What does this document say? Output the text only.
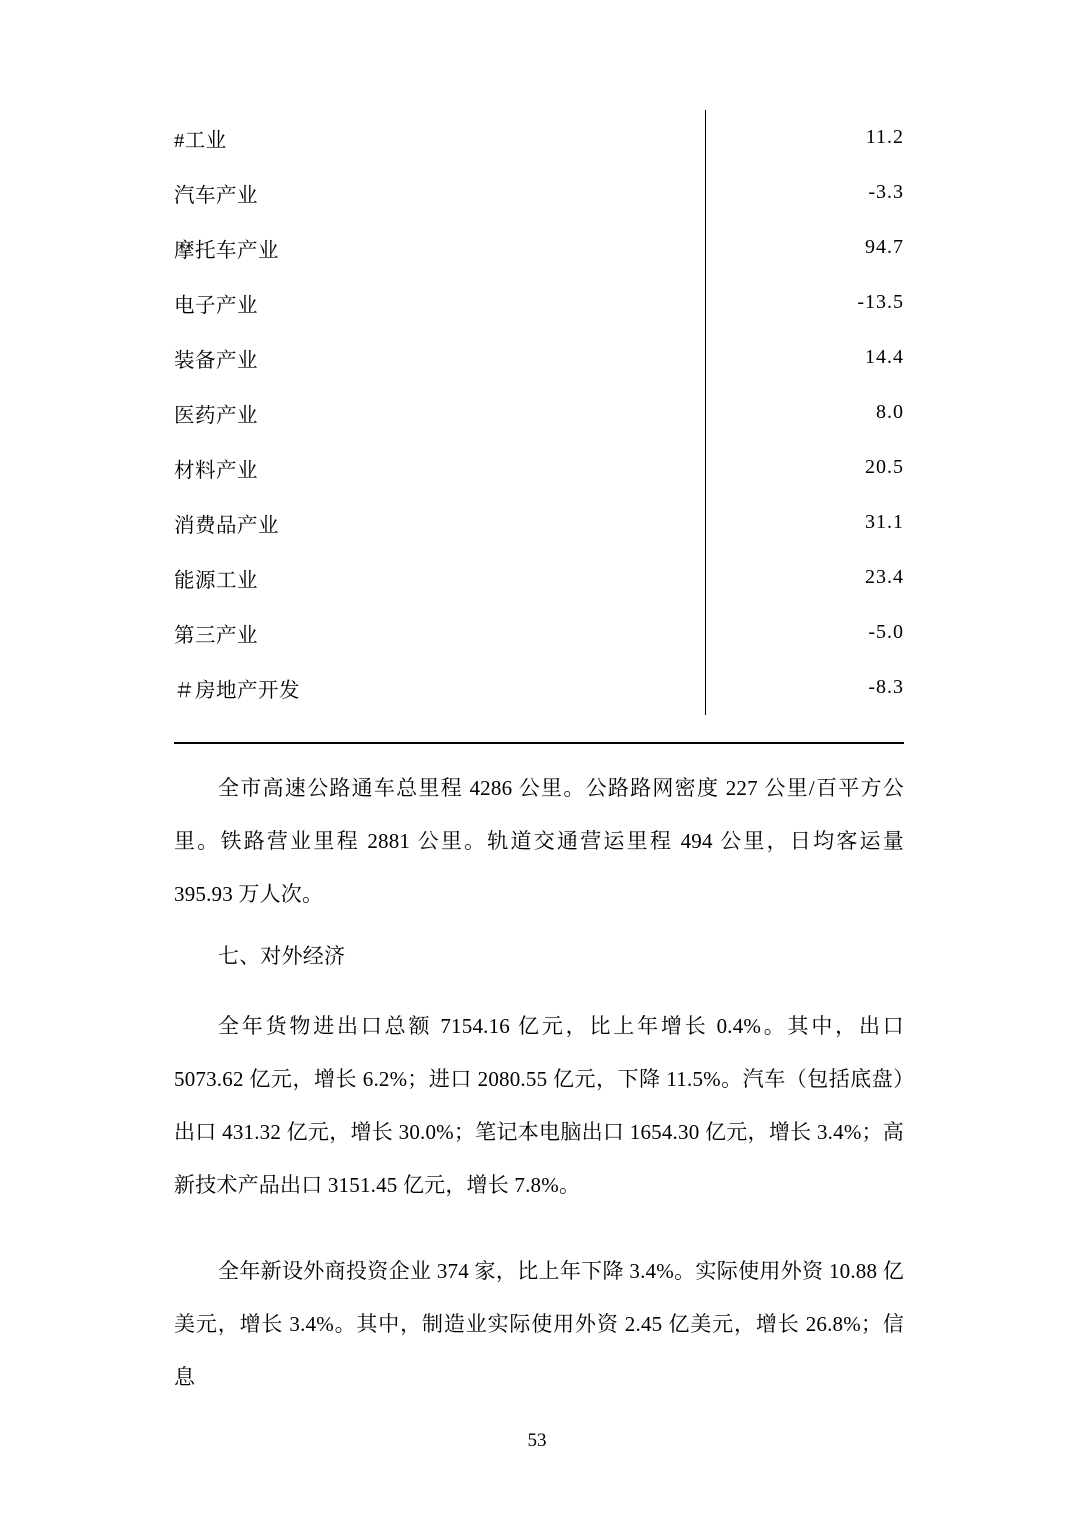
#工业	11.2
汽车产业	-3.3
摩托车产业	94.7
电子产业	-13.5
装备产业	14.4
医药产业	8.0
材料产业	20.5
消费品产业	31.1
能源工业	23.4
第三产业	-5.0
＃房地产开发	-8.3
全市高速公路通车总里程 4286 公里。公路路网密度 227 公里/百平方公里。铁路营业里程 2881 公里。轨道交通营运里程 494 公里，日均客运量 395.93 万人次。
七、对外经济
全年货物进出口总额 7154.16 亿元，比上年增长 0.4%。其中，出口 5073.62 亿元，增长 6.2%；进口 2080.55 亿元，下降 11.5%。汽车（包括底盘）出口 431.32 亿元，增长 30.0%；笔记本电脑出口 1654.30 亿元，增长 3.4%；高新技术产品出口 3151.45 亿元，增长 7.8%。
全年新设外商投资企业 374 家，比上年下降 3.4%。实际使用外资 10.88 亿美元，增长 3.4%。其中，制造业实际使用外资 2.45 亿美元，增长 26.8%；信息
53
